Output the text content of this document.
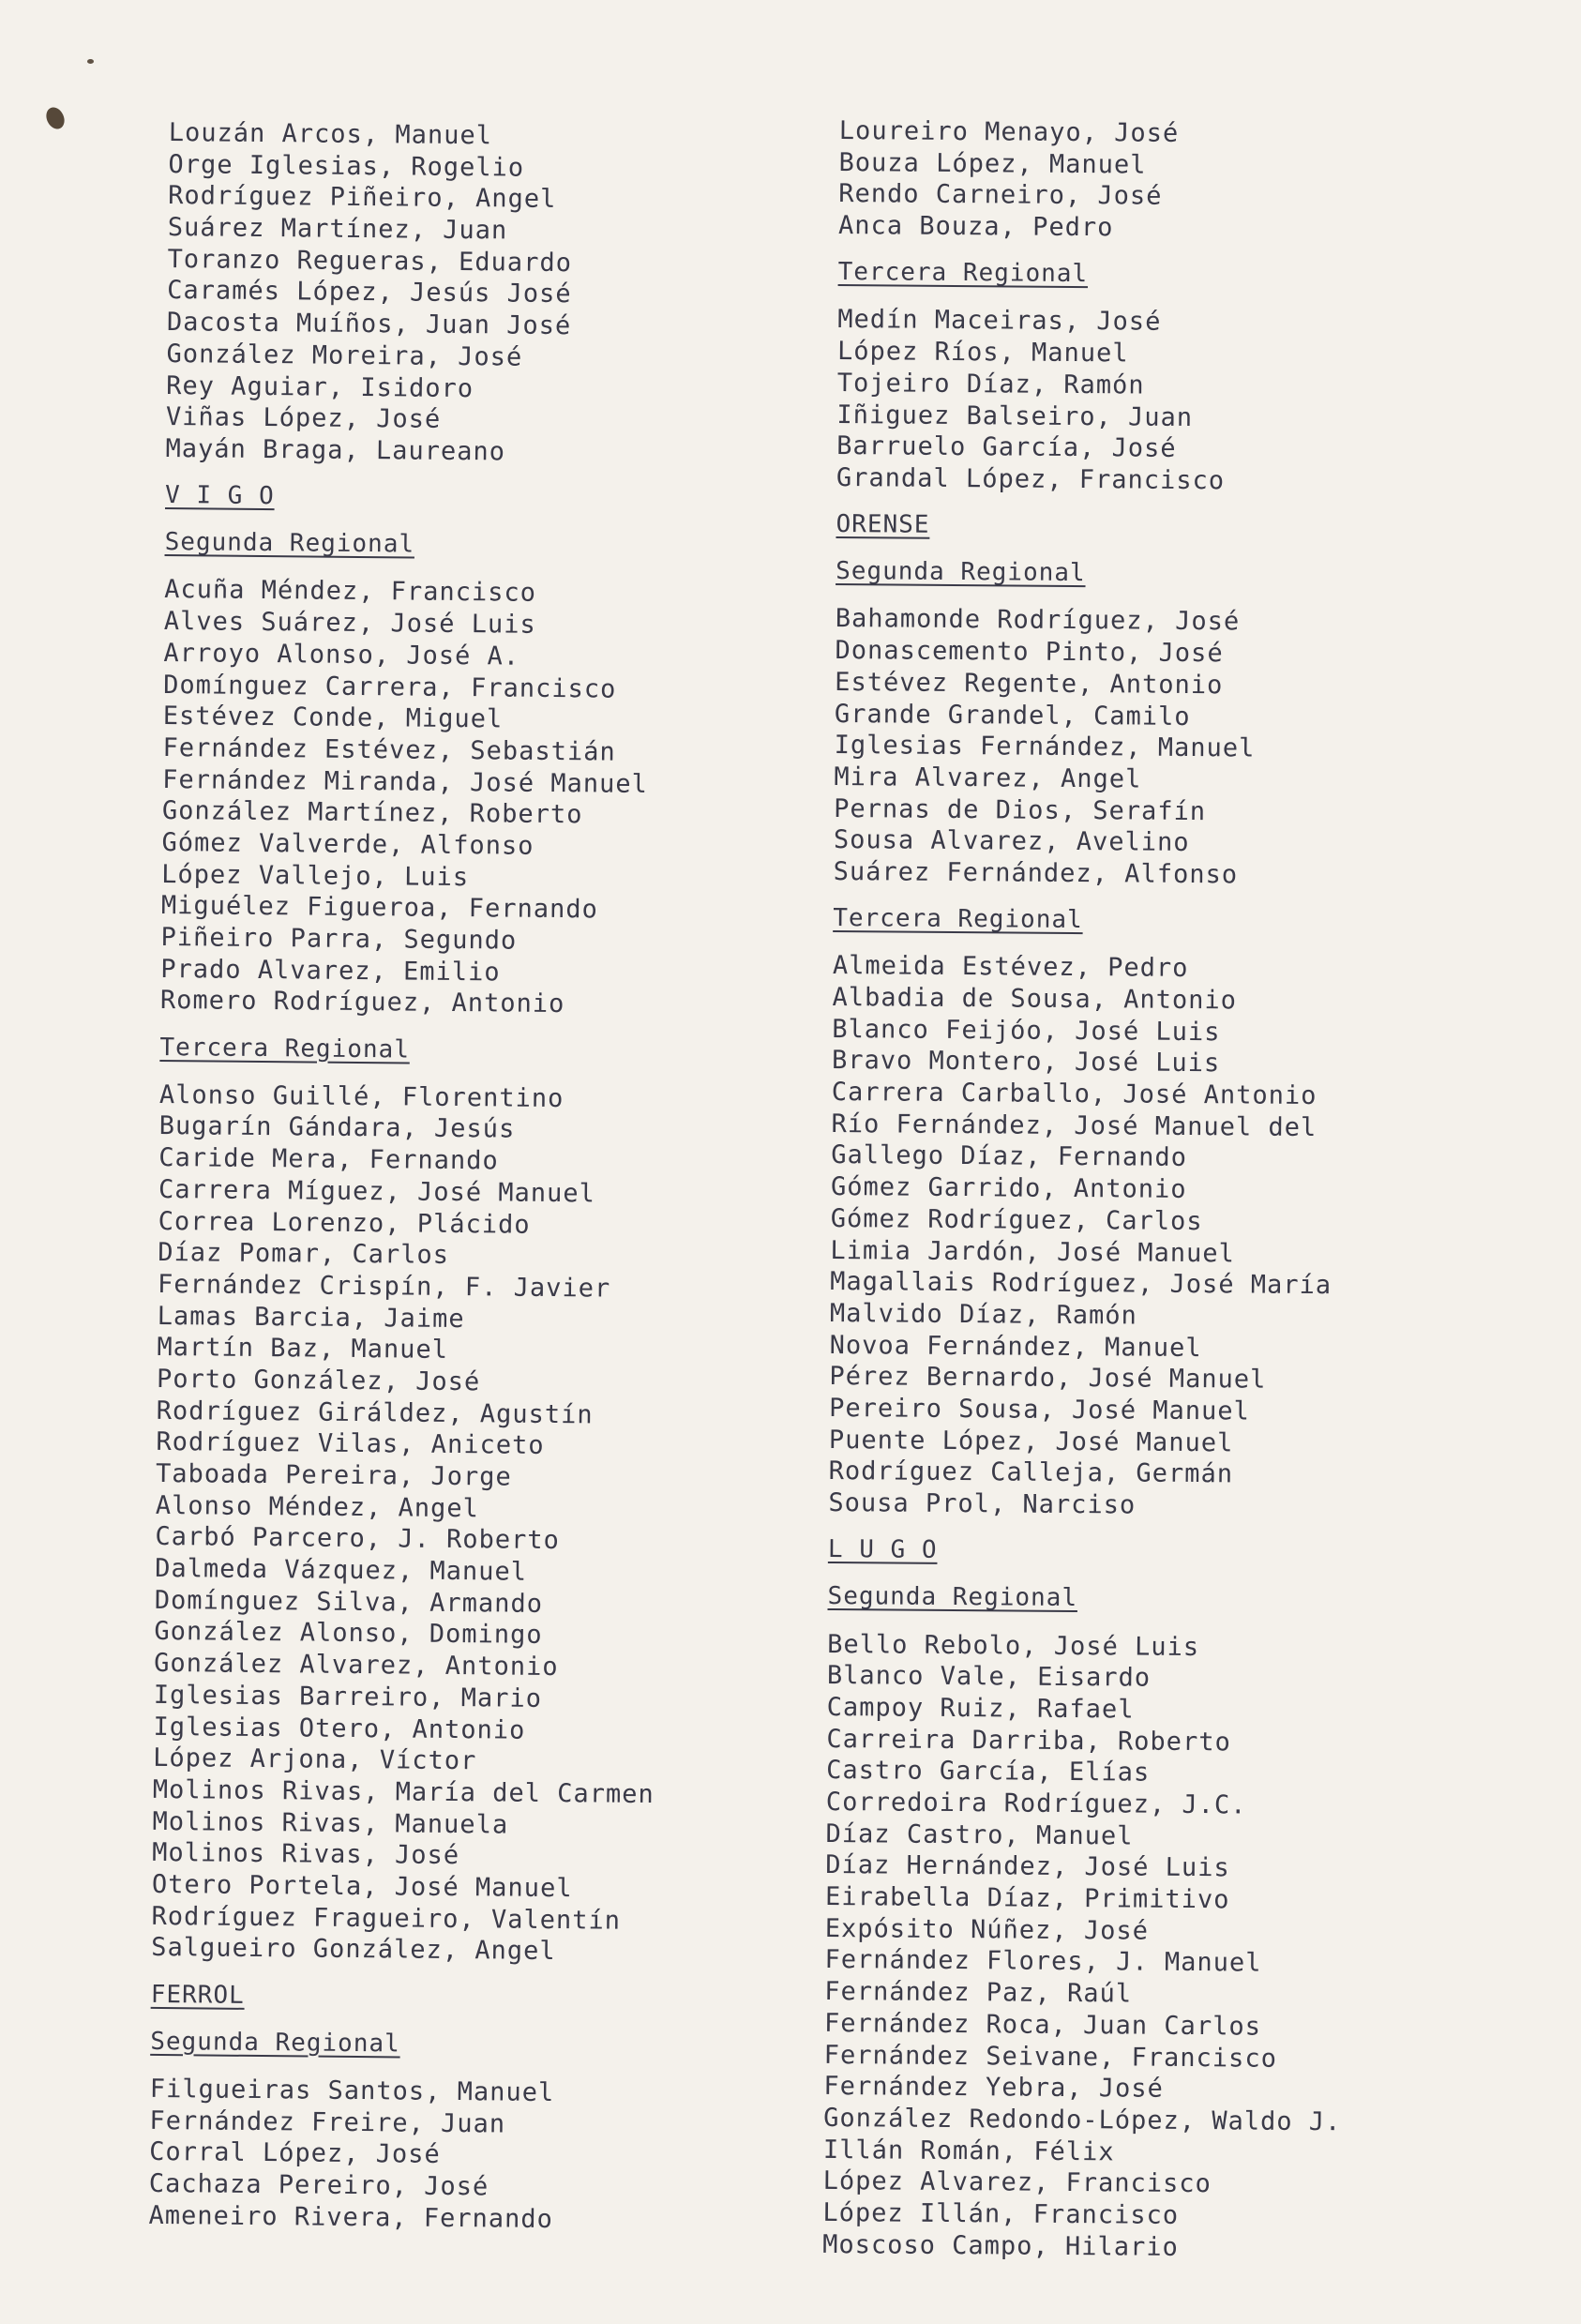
Louzán Arcos, Manuel
Orge Iglesias, Rogelio
Rodríguez Piñeiro, Angel
Suárez Martínez, Juan
Toranzo Regueras, Eduardo
Caramés López, Jesús José
Dacosta Muíños, Juan José
González Moreira, José
Rey Aguiar, Isidoro
Viñas López, José
Mayán Braga, Laureano
V I G O
Segunda Regional
Acuña Méndez, Francisco
Alves Suárez, José Luis
Arroyo Alonso, José A.
Domínguez Carrera, Francisco
Estévez Conde, Miguel
Fernández Estévez, Sebastián
Fernández Miranda, José Manuel
González Martínez, Roberto
Gómez Valverde, Alfonso
López Vallejo, Luis
Miguélez Figueroa, Fernando
Piñeiro Parra, Segundo
Prado Alvarez, Emilio
Romero Rodríguez, Antonio
Tercera Regional
Alonso Guillé, Florentino
Bugarín Gándara, Jesús
Caride Mera, Fernando
Carrera Míguez, José Manuel
Correa Lorenzo, Plácido
Díaz Pomar, Carlos
Fernández Crispín, F. Javier
Lamas Barcia, Jaime
Martín Baz, Manuel
Porto González, José
Rodríguez Giráldez, Agustín
Rodríguez Vilas, Aniceto
Taboada Pereira, Jorge
Alonso Méndez, Angel
Carbó Parcero, J. Roberto
Dalmeda Vázquez, Manuel
Domínguez Silva, Armando
González Alonso, Domingo
González Alvarez, Antonio
Iglesias Barreiro, Mario
Iglesias Otero, Antonio
López Arjona, Víctor
Molinos Rivas, María del Carmen
Molinos Rivas, Manuela
Molinos Rivas, José
Otero Portela, José Manuel
Rodríguez Fragueiro, Valentín
Salgueiro González, Angel
FERROL
Segunda Regional
Filgueiras Santos, Manuel
Fernández Freire, Juan
Corral López, José
Cachaza Pereiro, José
Ameneiro Rivera, Fernando
Loureiro Menayo, José
Bouza López, Manuel
Rendo Carneiro, José
Anca Bouza, Pedro
Tercera Regional
Medín Maceiras, José
López Ríos, Manuel
Tojeiro Díaz, Ramón
Iñiguez Balseiro, Juan
Barruelo García, José
Grandal López, Francisco
ORENSE
Segunda Regional
Bahamonde Rodríguez, José
Donascemento Pinto, José
Estévez Regente, Antonio
Grande Grandel, Camilo
Iglesias Fernández, Manuel
Mira Alvarez, Angel
Pernas de Dios, Serafín
Sousa Alvarez, Avelino
Suárez Fernández, Alfonso
Tercera Regional
Almeida Estévez, Pedro
Albadia de Sousa, Antonio
Blanco Feijóo, José Luis
Bravo Montero, José Luis
Carrera Carballo, José Antonio
Río Fernández, José Manuel del
Gallego Díaz, Fernando
Gómez Garrido, Antonio
Gómez Rodríguez, Carlos
Limia Jardón, José Manuel
Magallais Rodríguez, José María
Malvido Díaz, Ramón
Novoa Fernández, Manuel
Pérez Bernardo, José Manuel
Pereiro Sousa, José Manuel
Puente López, José Manuel
Rodríguez Calleja, Germán
Sousa Prol, Narciso
L U G O
Segunda Regional
Bello Rebolo, José Luis
Blanco Vale, Eisardo
Campoy Ruiz, Rafael
Carreira Darriba, Roberto
Castro García, Elías
Corredoira Rodríguez, J.C.
Díaz Castro, Manuel
Díaz Hernández, José Luis
Eirabella Díaz, Primitivo
Expósito Núñez, José
Fernández Flores, J. Manuel
Fernández Paz, Raúl
Fernández Roca, Juan Carlos
Fernández Seivane, Francisco
Fernández Yebra, José
González Redondo-López, Waldo J.
Illán Román, Félix
López Alvarez, Francisco
López Illán, Francisco
Moscoso Campo, Hilario
